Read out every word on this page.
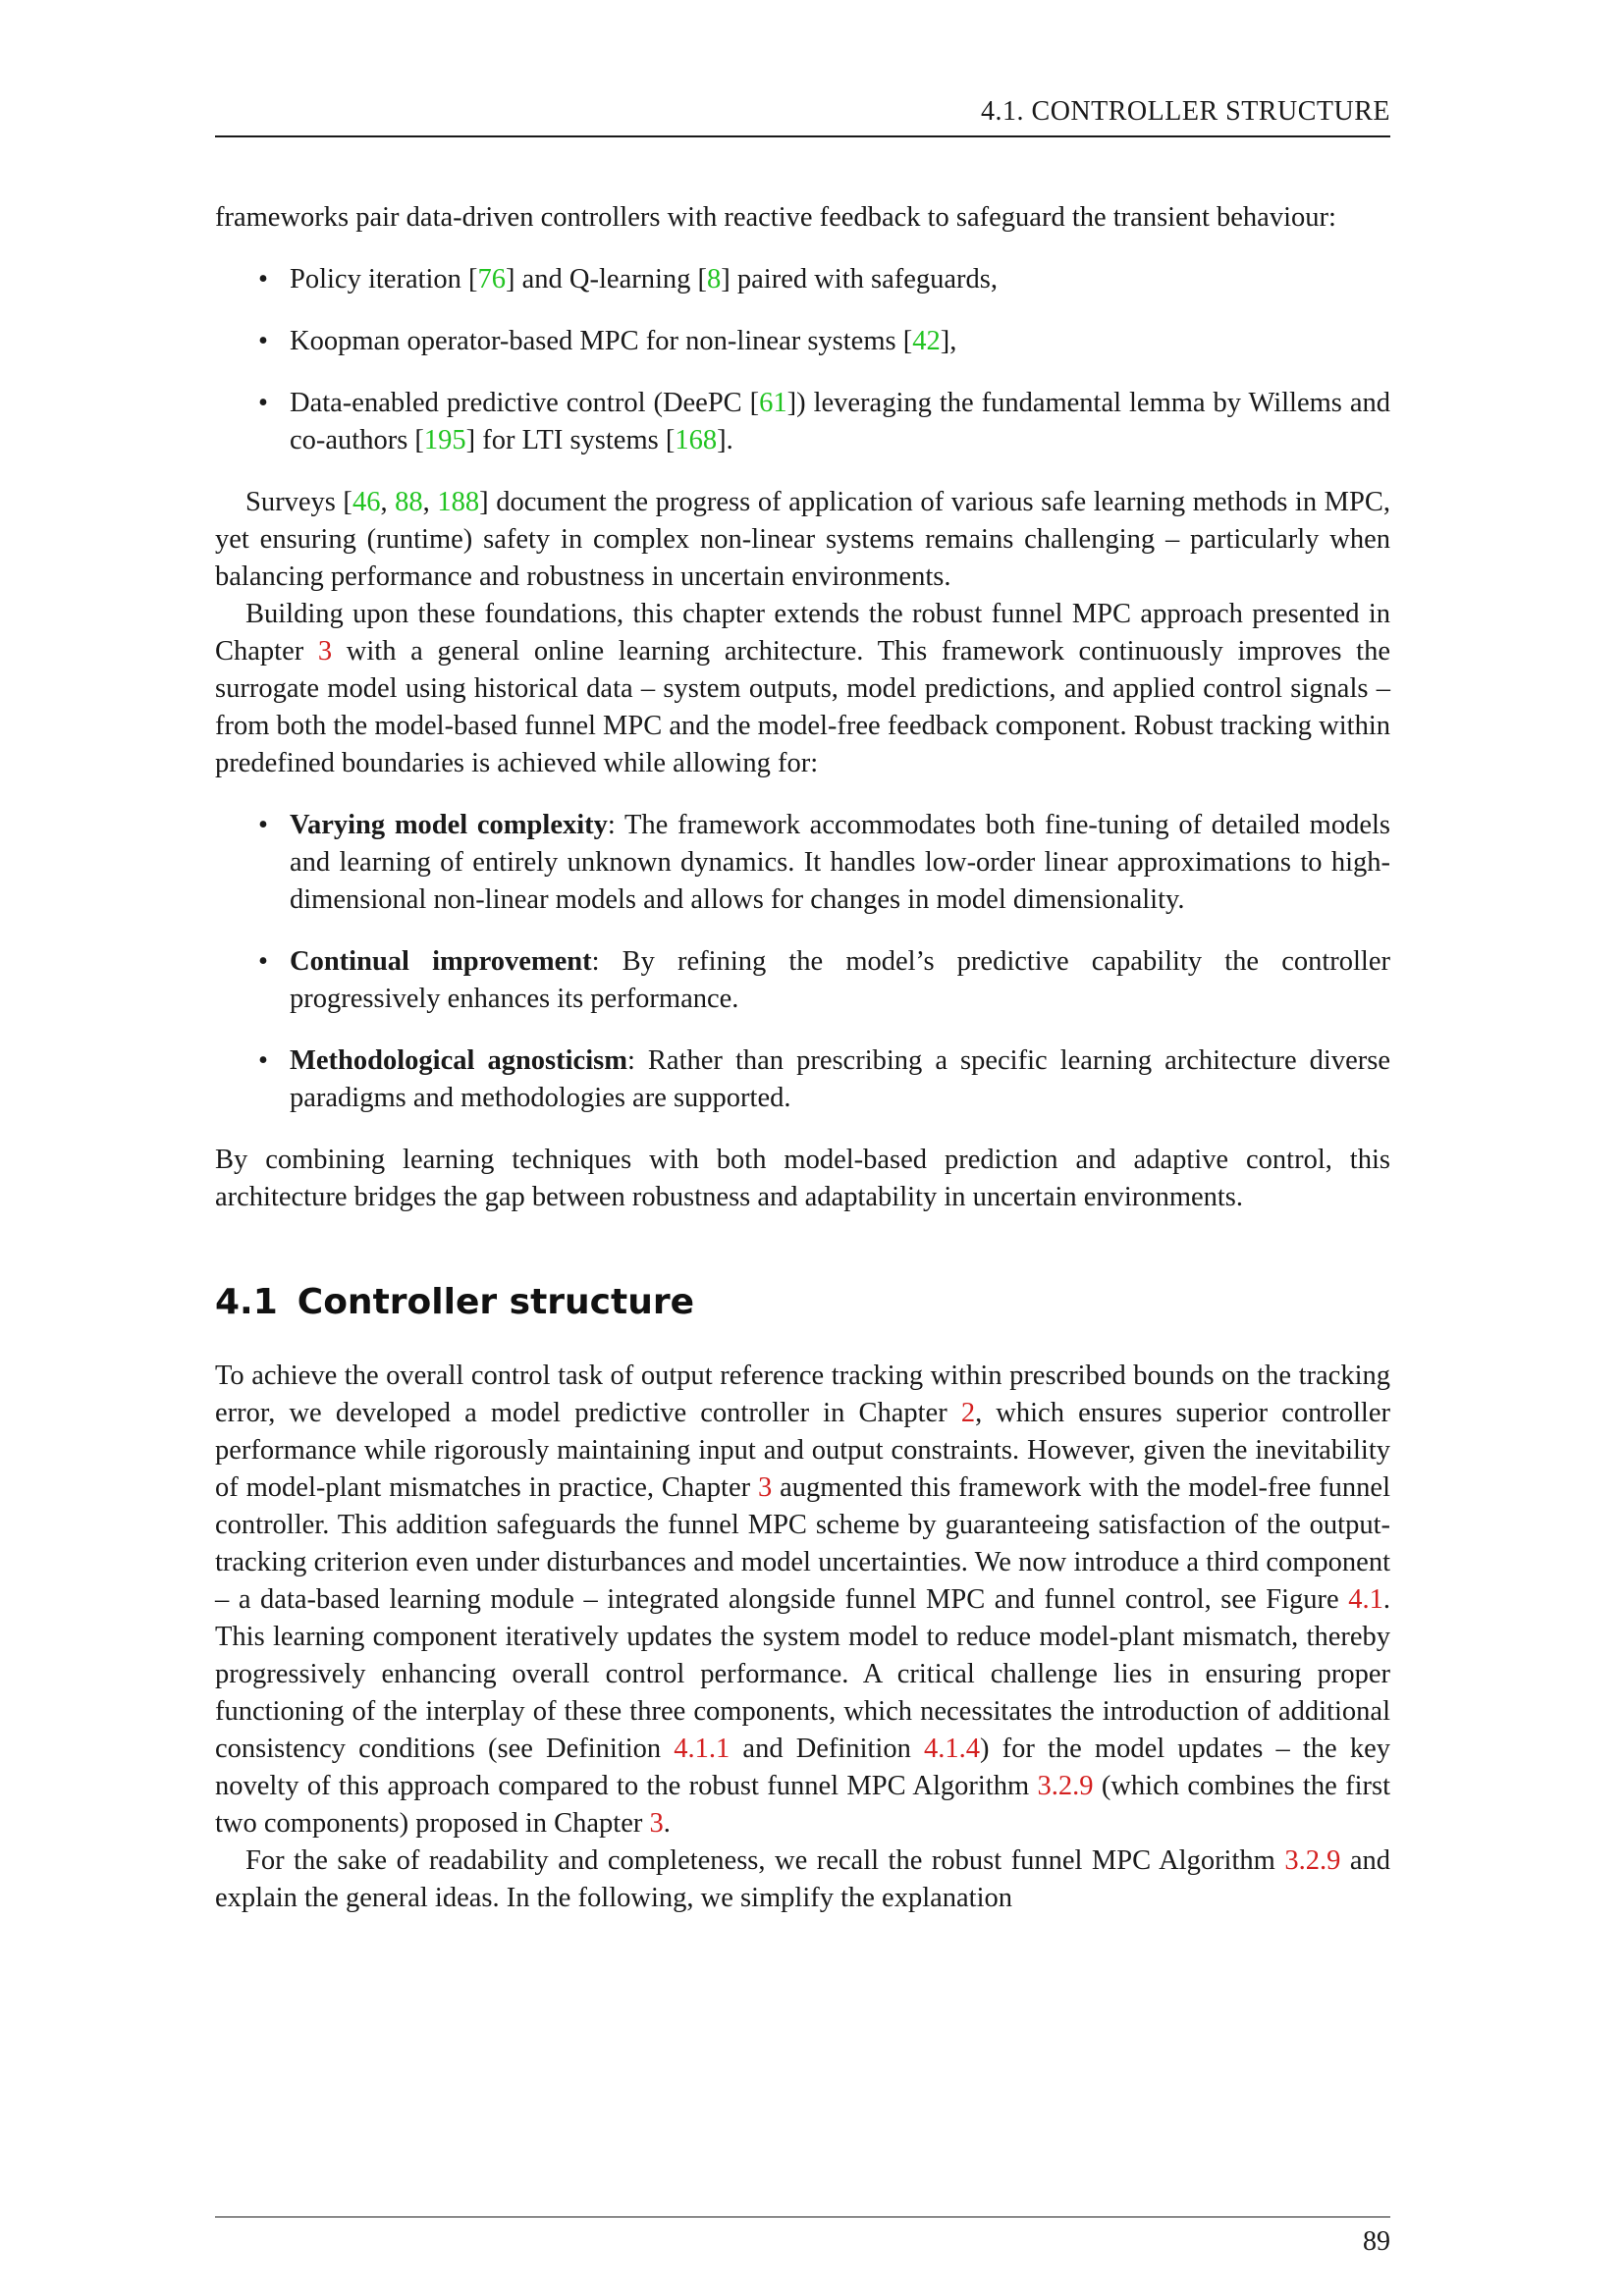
4.1. CONTROLLER STRUCTURE

frameworks pair data-driven controllers with reactive feedback to safeguard the transient behaviour:

• Policy iteration [76] and Q-learning [8] paired with safeguards,
• Koopman operator-based MPC for non-linear systems [42],
• Data-enabled predictive control (DeePC [61]) leveraging the fundamental lemma by Willems and co-authors [195] for LTI systems [168].

Surveys [46, 88, 188] document the progress of application of various safe learning methods in MPC, yet ensuring (runtime) safety in complex non-linear systems remains challenging – particularly when balancing performance and robustness in uncertain environments.

Building upon these foundations, this chapter extends the robust funnel MPC approach presented in Chapter 3 with a general online learning architecture. This framework continuously improves the surrogate model using historical data – system outputs, model predictions, and applied control signals – from both the model-based funnel MPC and the model-free feedback component. Robust tracking within predefined boundaries is achieved while allowing for:

• Varying model complexity: The framework accommodates both fine-tuning of detailed models and learning of entirely unknown dynamics. It handles low-order linear approximations to high-dimensional non-linear models and allows for changes in model dimensionality.
• Continual improvement: By refining the model’s predictive capability the controller progressively enhances its performance.
• Methodological agnosticism: Rather than prescribing a specific learning architecture diverse paradigms and methodologies are supported.

By combining learning techniques with both model-based prediction and adaptive control, this architecture bridges the gap between robustness and adaptability in uncertain environments.

4.1 Controller structure

To achieve the overall control task of output reference tracking within prescribed bounds on the tracking error, we developed a model predictive controller in Chapter 2, which ensures superior controller performance while rigorously maintaining input and output constraints. However, given the inevitability of model-plant mismatches in practice, Chapter 3 augmented this framework with the model-free funnel controller. This addition safeguards the funnel MPC scheme by guaranteeing satisfaction of the output-tracking criterion even under disturbances and model uncertainties. We now introduce a third component – a data-based learning module – integrated alongside funnel MPC and funnel control, see Figure 4.1. This learning component iteratively updates the system model to reduce model-plant mismatch, thereby progressively enhancing overall control performance. A critical challenge lies in ensuring proper functioning of the interplay of these three components, which necessitates the introduction of additional consistency conditions (see Definition 4.1.1 and Definition 4.1.4) for the model updates – the key novelty of this approach compared to the robust funnel MPC Algorithm 3.2.9 (which combines the first two components) proposed in Chapter 3.

For the sake of readability and completeness, we recall the robust funnel MPC Algorithm 3.2.9 and explain the general ideas. In the following, we simplify the explanation

89
